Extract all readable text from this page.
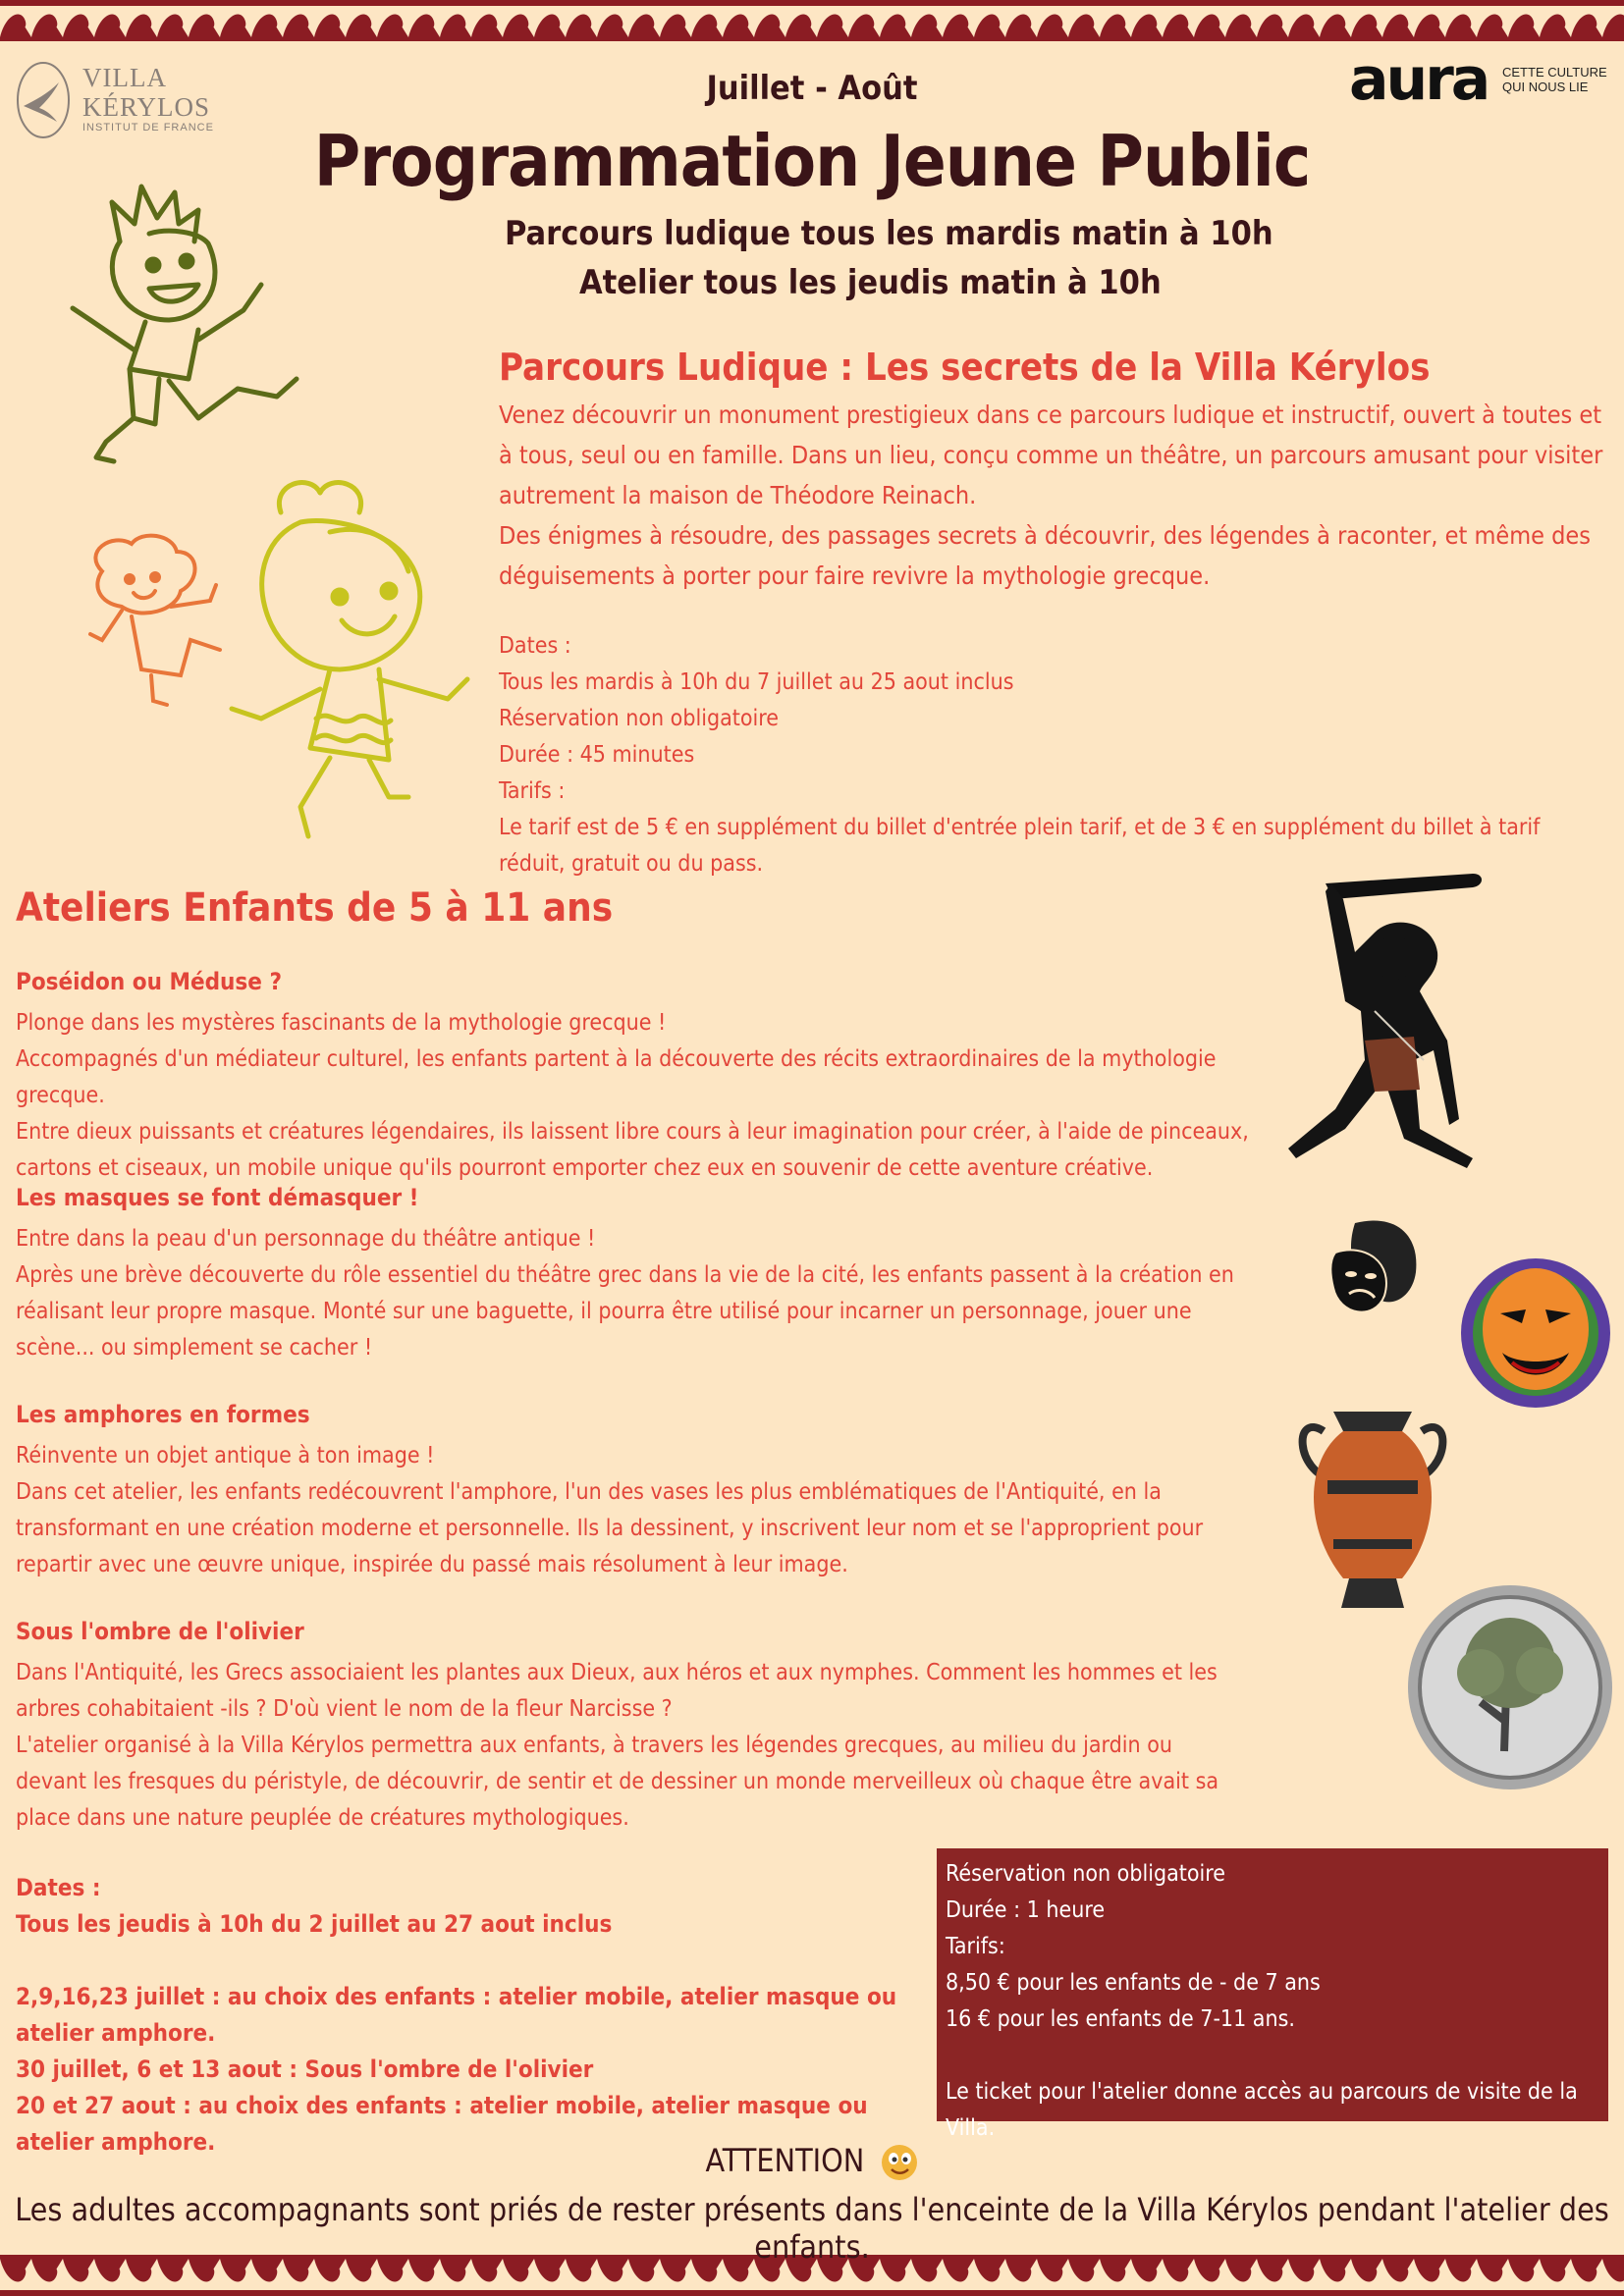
VILLA
KÉRYLOS
INSTITUT DE FRANCE
aura CETTE CULTURE
QUI NOUS LIE
Juillet - Août
Programmation Jeune Public
Parcours ludique tous les mardis matin à 10h
Atelier tous les jeudis matin à 10h
Parcours Ludique : Les secrets de la Villa Kérylos
Venez découvrir un monument prestigieux dans ce parcours ludique et instructif, ouvert à toutes et à tous, seul ou en famille. Dans un lieu, conçu comme un théâtre, un parcours amusant pour visiter autrement la maison de Théodore Reinach.
Des énigmes à résoudre, des passages secrets à découvrir, des légendes à raconter, et même des déguisements à porter pour faire revivre la mythologie grecque.
Dates :
Tous les mardis à 10h du 7 juillet au 25 aout inclus
Réservation non obligatoire
Durée : 45 minutes
Tarifs :
Le tarif est de 5 € en supplément du billet d'entrée plein tarif, et de 3 € en supplément du billet à tarif réduit, gratuit ou du pass.
Ateliers Enfants de 5 à 11 ans
Poséidon ou Méduse ?
Plonge dans les mystères fascinants de la mythologie grecque !
Accompagnés d'un médiateur culturel, les enfants partent à la découverte des récits extraordinaires de la mythologie grecque.
Entre dieux puissants et créatures légendaires, ils laissent libre cours à leur imagination pour créer, à l'aide de pinceaux, cartons et ciseaux, un mobile unique qu'ils pourront emporter chez eux en souvenir de cette aventure créative.
Les masques se font démasquer !
Entre dans la peau d'un personnage du théâtre antique !
Après une brève découverte du rôle essentiel du théâtre grec dans la vie de la cité, les enfants passent à la création en réalisant leur propre masque. Monté sur une baguette, il pourra être utilisé pour incarner un personnage, jouer une scène... ou simplement se cacher !
Les amphores en formes
Réinvente un objet antique à ton image !
Dans cet atelier, les enfants redécouvrent l'amphore, l'un des vases les plus emblématiques de l'Antiquité, en la transformant en une création moderne et personnelle. Ils la dessinent, y inscrivent leur nom et se l'approprient pour repartir avec une œuvre unique, inspirée du passé mais résolument à leur image.
Sous l'ombre de l'olivier
Dans l'Antiquité, les Grecs associaient les plantes aux Dieux, aux héros et aux nymphes. Comment les hommes et les arbres cohabitaient -ils ? D'où vient le nom de la fleur Narcisse ?
L'atelier organisé à la Villa Kérylos permettra aux enfants, à travers les légendes grecques, au milieu du jardin ou devant les fresques du péristyle, de découvrir, de sentir et de dessiner un monde merveilleux où chaque être avait sa place dans une nature peuplée de créatures mythologiques.
Dates :
Tous les jeudis à 10h du 2 juillet au 27 aout inclus

2,9,16,23 juillet : au choix des enfants : atelier mobile, atelier masque ou atelier amphore.
30 juillet, 6 et 13 aout : Sous l'ombre de l'olivier
20 et 27 aout : au choix des enfants : atelier mobile, atelier masque ou atelier amphore.
Réservation non obligatoire
Durée : 1 heure
Tarifs:
8,50 € pour les enfants de - de 7 ans
16 € pour les enfants de 7-11 ans.

Le ticket pour l'atelier donne accès au parcours de visite de la Villa.
ATTENTION
Les adultes accompagnants sont priés de rester présents dans l'enceinte de la Villa Kérylos pendant l'atelier des enfants.
